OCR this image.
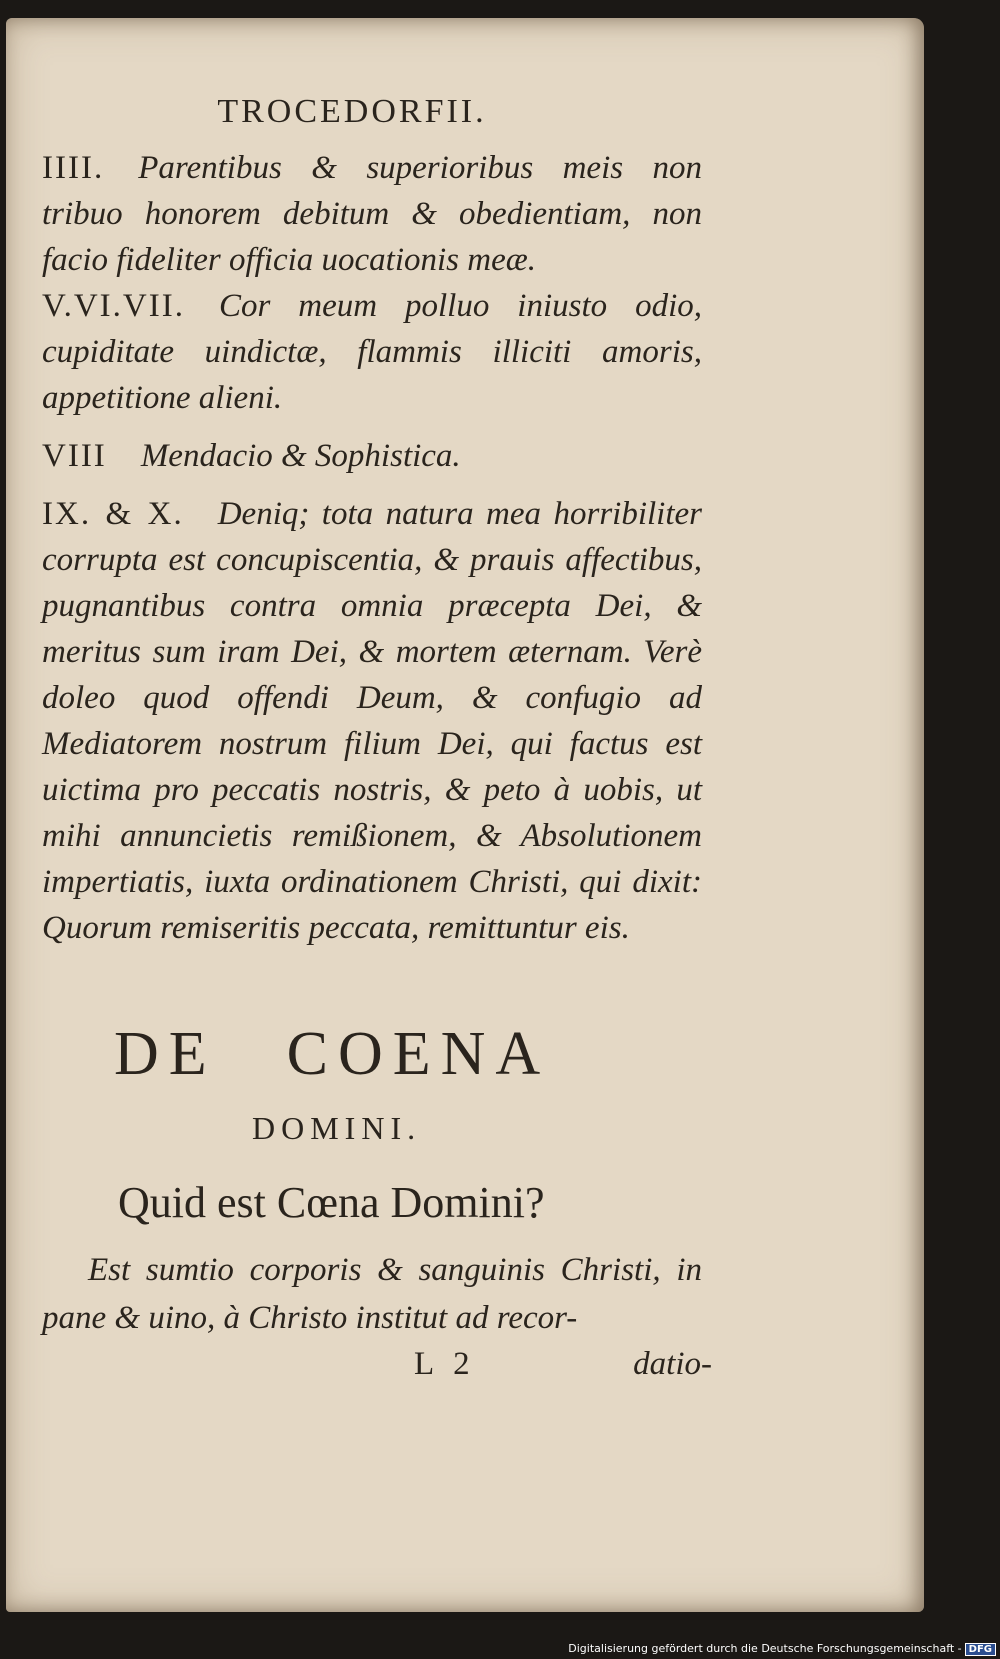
TROCEDORFII.

IIII. Parentibus & superioribus meis non tribuo honorem debitum & obedientiam, non facio fideliter officia uocationis meæ.

V.VI.VII. Cor meum polluo iniusto odio, cupiditate uindictæ, flammis illiciti amoris, appetitione alieni.

VIII Mendacio & Sophistica.

IX. & X. Deniq; tota natura mea horribiliter corrupta est concupiscentia, & prauis affectibus, pugnantibus contra omnia præcepta Dei, & meritus sum iram Dei, & mortem æternam. Verè doleo quod offendi Deum, & confugio ad Mediatorem nostrum filium Dei, qui factus est uictima pro peccatis nostris, & peto à uobis, ut mihi annuncietis remißionem, & Absolutionem impertiatis, iuxta ordinationem Christi, qui dixit: Quorum remiseritis peccata, remittuntur eis.

DE COENA
DOMINI.
Quid est Cœna Domini?

Est sumtio corporis & sanguinis Christi, in pane & uino, à Christo institut ad recor-

L 2	datio-
Digitalisierung gefördert durch die Deutsche Forschungsgemeinschaft - DFG
